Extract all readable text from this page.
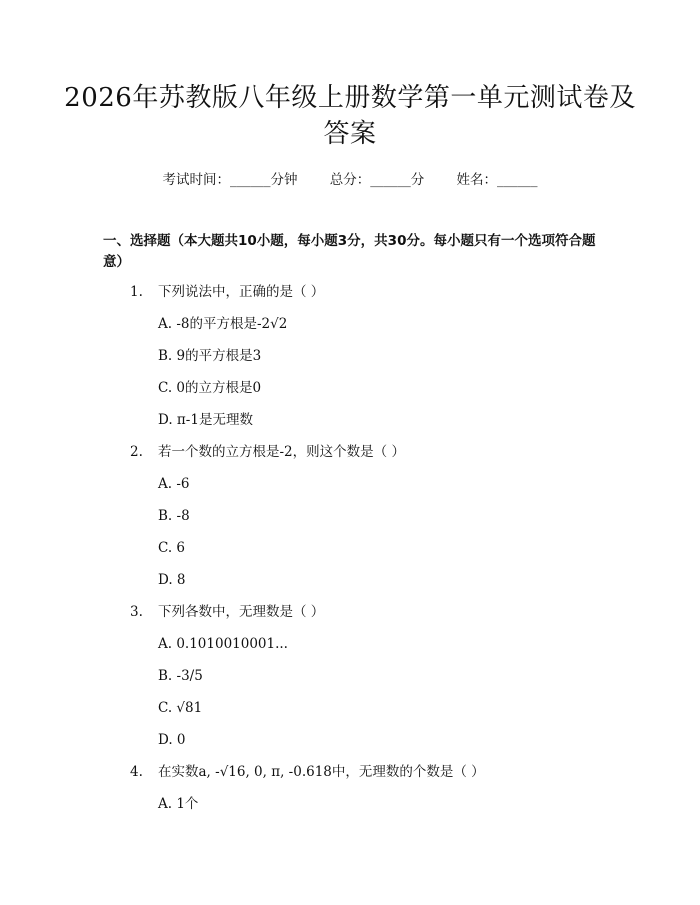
2026年苏教版八年级上册数学第一单元测试卷及答案
考试时间：______分钟 总分：______分 姓名：______
一、选择题（本大题共10小题，每小题3分，共30分。每小题只有一个选项符合题意）
1. 下列说法中，正确的是（ ）
A. -8的平方根是-2√2
B. 9的平方根是3
C. 0的立方根是0
D. π-1是无理数
2. 若一个数的立方根是-2，则这个数是（ ）
A. -6
B. -8
C. 6
D. 8
3. 下列各数中，无理数是（ ）
A. 0.1010010001...
B. -3/5
C. √81
D. 0
4. 在实数a, -√16, 0, π, -0.618中，无理数的个数是（ ）
A. 1个
